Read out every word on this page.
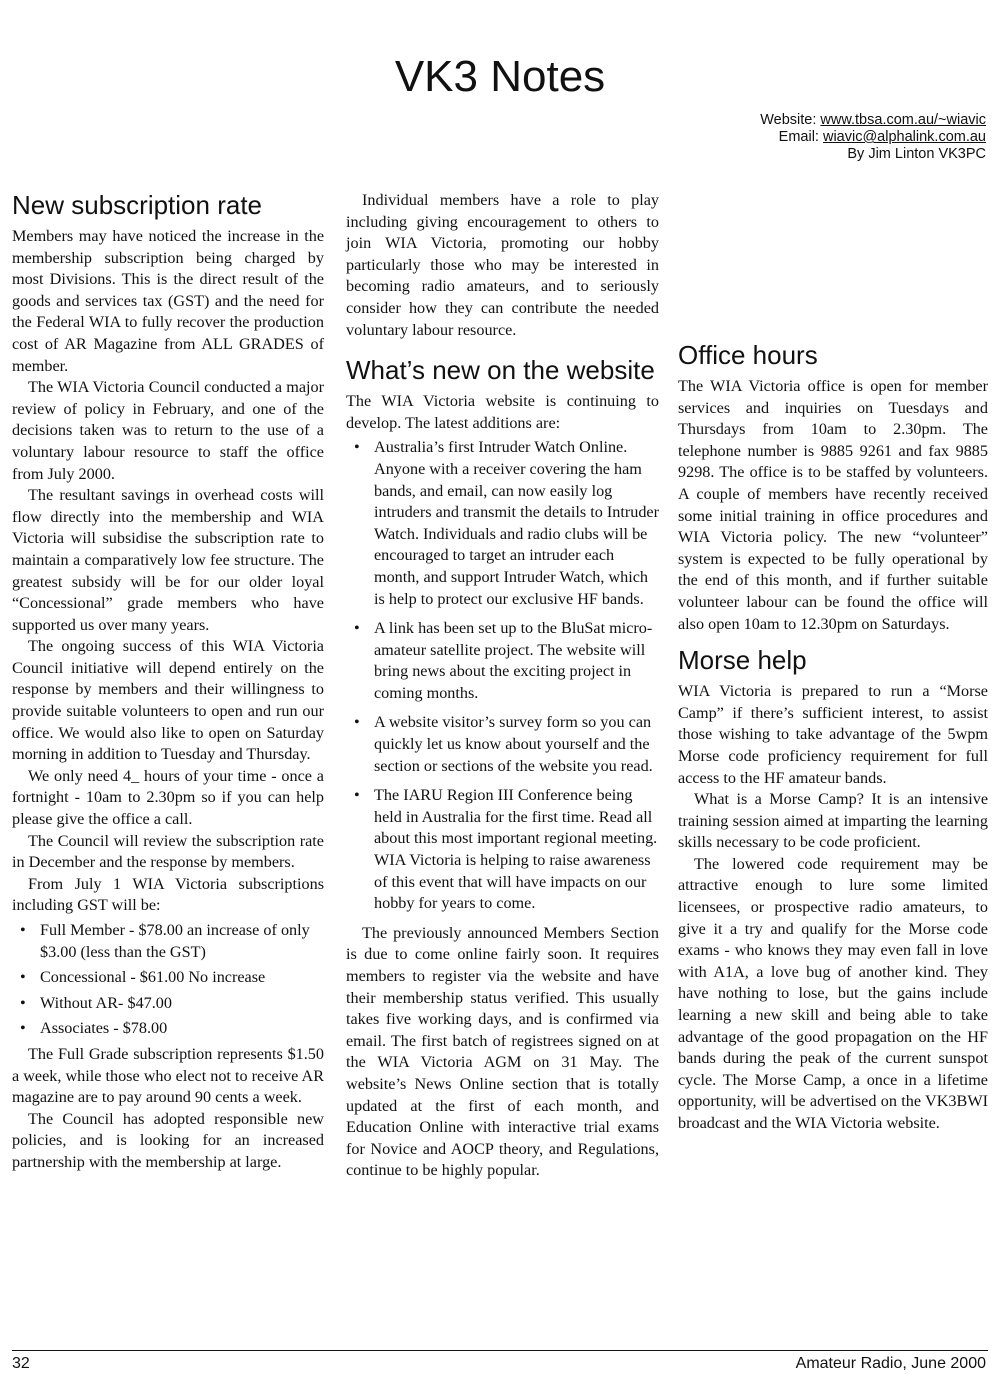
VK3 Notes
Website: www.tbsa.com.au/~wiavic
Email: wiavic@alphalink.com.au
By Jim Linton VK3PC
New subscription rate

Members may have noticed the increase in the membership subscription being charged by most Divisions. This is the direct result of the goods and services tax (GST) and the need for the Federal WIA to fully recover the production cost of AR Magazine from ALL GRADES of member.

The WIA Victoria Council conducted a major review of policy in February, and one of the decisions taken was to return to the use of a voluntary labour resource to staff the office from July 2000.

The resultant savings in overhead costs will flow directly into the membership and WIA Victoria will subsidise the subscription rate to maintain a comparatively low fee structure. The greatest subsidy will be for our older loyal “Concessional” grade members who have supported us over many years.

The ongoing success of this WIA Victoria Council initiative will depend entirely on the response by members and their willingness to provide suitable volunteers to open and run our office. We would also like to open on Saturday morning in addition to Tuesday and Thursday.

We only need 4_ hours of your time - once a fortnight - 10am to 2.30pm so if you can help please give the office a call.

The Council will review the subscription rate in December and the response by members.

From July 1 WIA Victoria subscriptions including GST will be:

• Full Member - $78.00 an increase of only $3.00 (less than the GST)
• Concessional - $61.00 No increase
• Without AR- $47.00
• Associates - $78.00

The Full Grade subscription represents $1.50 a week, while those who elect not to receive AR magazine are to pay around 90 cents a week.

The Council has adopted responsible new policies, and is looking for an increased partnership with the membership at large.

Individual members have a role to play including giving encouragement to others to join WIA Victoria, promoting our hobby particularly those who may be interested in becoming radio amateurs, and to seriously consider how they can contribute the needed voluntary labour resource.

What’s new on the website

The WIA Victoria website is continuing to develop. The latest additions are:

• Australia’s first Intruder Watch Online. Anyone with a receiver covering the ham bands, and email, can now easily log intruders and transmit the details to Intruder Watch. Individuals and radio clubs will be encouraged to target an intruder each month, and support Intruder Watch, which is help to protect our exclusive HF bands.
• A link has been set up to the BluSat micro-amateur satellite project. The website will bring news about the exciting project in coming months.
• A website visitor’s survey form so you can quickly let us know about yourself and the section or sections of the website you read.
• The IARU Region III Conference being held in Australia for the first time. Read all about this most important regional meeting. WIA Victoria is helping to raise awareness of this event that will have impacts on our hobby for years to come.

The previously announced Members Section is due to come online fairly soon. It requires members to register via the website and have their membership status verified. This usually takes five working days, and is confirmed via email. The first batch of registrees signed on at the WIA Victoria AGM on 31 May. The website’s News Online section that is totally updated at the first of each month, and Education Online with interactive trial exams for Novice and AOCP theory, and Regulations, continue to be highly popular.

Office hours

The WIA Victoria office is open for member services and inquiries on Tuesdays and Thursdays from 10am to 2.30pm. The telephone number is 9885 9261 and fax 9885 9298. The office is to be staffed by volunteers. A couple of members have recently received some initial training in office procedures and WIA Victoria policy. The new “volunteer” system is expected to be fully operational by the end of this month, and if further suitable volunteer labour can be found the office will also open 10am to 12.30pm on Saturdays.

Morse help

WIA Victoria is prepared to run a “Morse Camp” if there’s sufficient interest, to assist those wishing to take advantage of the 5wpm Morse code proficiency requirement for full access to the HF amateur bands.

What is a Morse Camp? It is an intensive training session aimed at imparting the learning skills necessary to be code proficient.

The lowered code requirement may be attractive enough to lure some limited licensees, or prospective radio amateurs, to give it a try and qualify for the Morse code exams - who knows they may even fall in love with A1A, a love bug of another kind. They have nothing to lose, but the gains include learning a new skill and being able to take advantage of the good propagation on the HF bands during the peak of the current sunspot cycle. The Morse Camp, a once in a lifetime opportunity, will be advertised on the VK3BWI broadcast and the WIA Victoria website.

32	Amateur Radio, June 2000
